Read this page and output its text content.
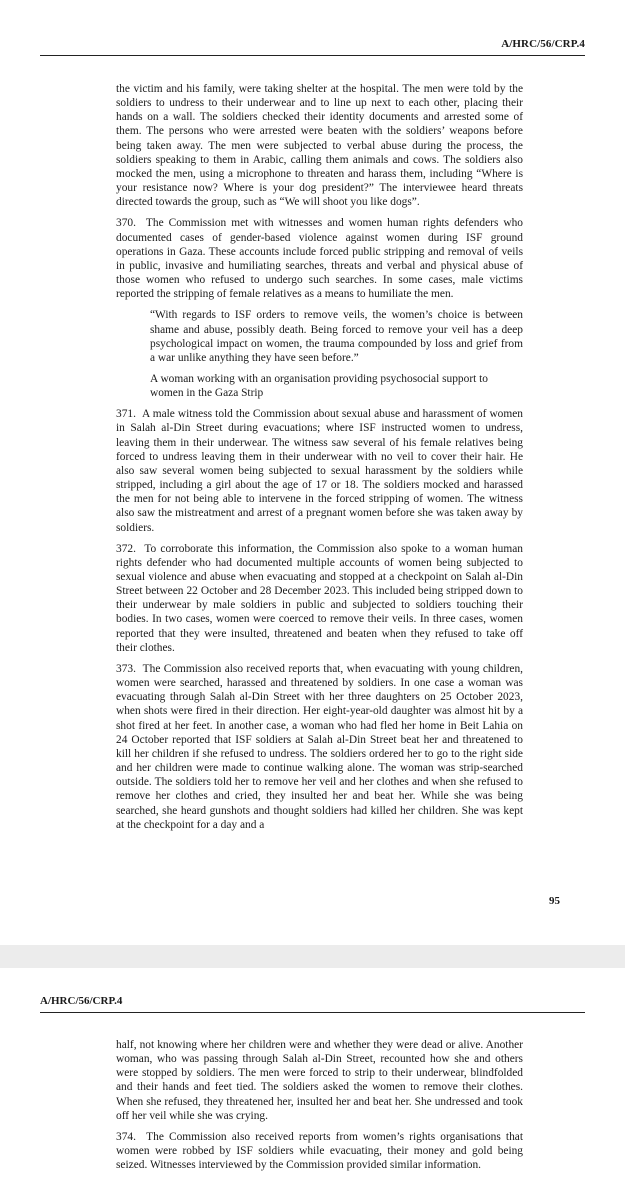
A/HRC/56/CRP.4

the victim and his family, were taking shelter at the hospital. The men were told by the soldiers to undress to their underwear and to line up next to each other, placing their hands on a wall. The soldiers checked their identity documents and arrested some of them. The persons who were arrested were beaten with the soldiers’ weapons before being taken away. The men were subjected to verbal abuse during the process, the soldiers speaking to them in Arabic, calling them animals and cows. The soldiers also mocked the men, using a microphone to threaten and harass them, including “Where is your resistance now? Where is your dog president?” The interviewee heard threats directed towards the group, such as “We will shoot you like dogs”.

370.  The Commission met with witnesses and women human rights defenders who documented cases of gender-based violence against women during ISF ground operations in Gaza. These accounts include forced public stripping and removal of veils in public, invasive and humiliating searches, threats and verbal and physical abuse of those women who refused to undergo such searches. In some cases, male victims reported the stripping of female relatives as a means to humiliate the men.

“With regards to ISF orders to remove veils, the women’s choice is between shame and abuse, possibly death. Being forced to remove your veil has a deep psychological impact on women, the trauma compounded by loss and grief from a war unlike anything they have seen before.”

A woman working with an organisation providing psychosocial support to women in the Gaza Strip

371.  A male witness told the Commission about sexual abuse and harassment of women in Salah al-Din Street during evacuations; where ISF instructed women to undress, leaving them in their underwear. The witness saw several of his female relatives being forced to undress leaving them in their underwear with no veil to cover their hair. He also saw several women being subjected to sexual harassment by the soldiers while stripped, including a girl about the age of 17 or 18. The soldiers mocked and harassed the men for not being able to intervene in the forced stripping of women. The witness also saw the mistreatment and arrest of a pregnant women before she was taken away by soldiers.

372.  To corroborate this information, the Commission also spoke to a woman human rights defender who had documented multiple accounts of women being subjected to sexual violence and abuse when evacuating and stopped at a checkpoint on Salah al-Din Street between 22 October and 28 December 2023. This included being stripped down to their underwear by male soldiers in public and subjected to soldiers touching their bodies. In two cases, women were coerced to remove their veils. In three cases, women reported that they were insulted, threatened and beaten when they refused to take off their clothes.

373.  The Commission also received reports that, when evacuating with young children, women were searched, harassed and threatened by soldiers. In one case a woman was evacuating through Salah al-Din Street with her three daughters on 25 October 2023, when shots were fired in their direction. Her eight-year-old daughter was almost hit by a shot fired at her feet. In another case, a woman who had fled her home in Beit Lahia on 24 October reported that ISF soldiers at Salah al-Din Street beat her and threatened to kill her children if she refused to undress. The soldiers ordered her to go to the right side and her children were made to continue walking alone. The woman was strip-searched outside. The soldiers told her to remove her veil and her clothes and when she refused to remove her clothes and cried, they insulted her and beat her. While she was being searched, she heard gunshots and thought soldiers had killed her children. She was kept at the checkpoint for a day and a

95
A/HRC/56/CRP.4

half, not knowing where her children were and whether they were dead or alive. Another woman, who was passing through Salah al-Din Street, recounted how she and others were stopped by soldiers. The men were forced to strip to their underwear, blindfolded and their hands and feet tied. The soldiers asked the women to remove their clothes. When she refused, they threatened her, insulted her and beat her. She undressed and took off her veil while she was crying.

374.  The Commission also received reports from women’s rights organisations that women were robbed by ISF soldiers while evacuating, their money and gold being seized. Witnesses interviewed by the Commission provided similar information.
